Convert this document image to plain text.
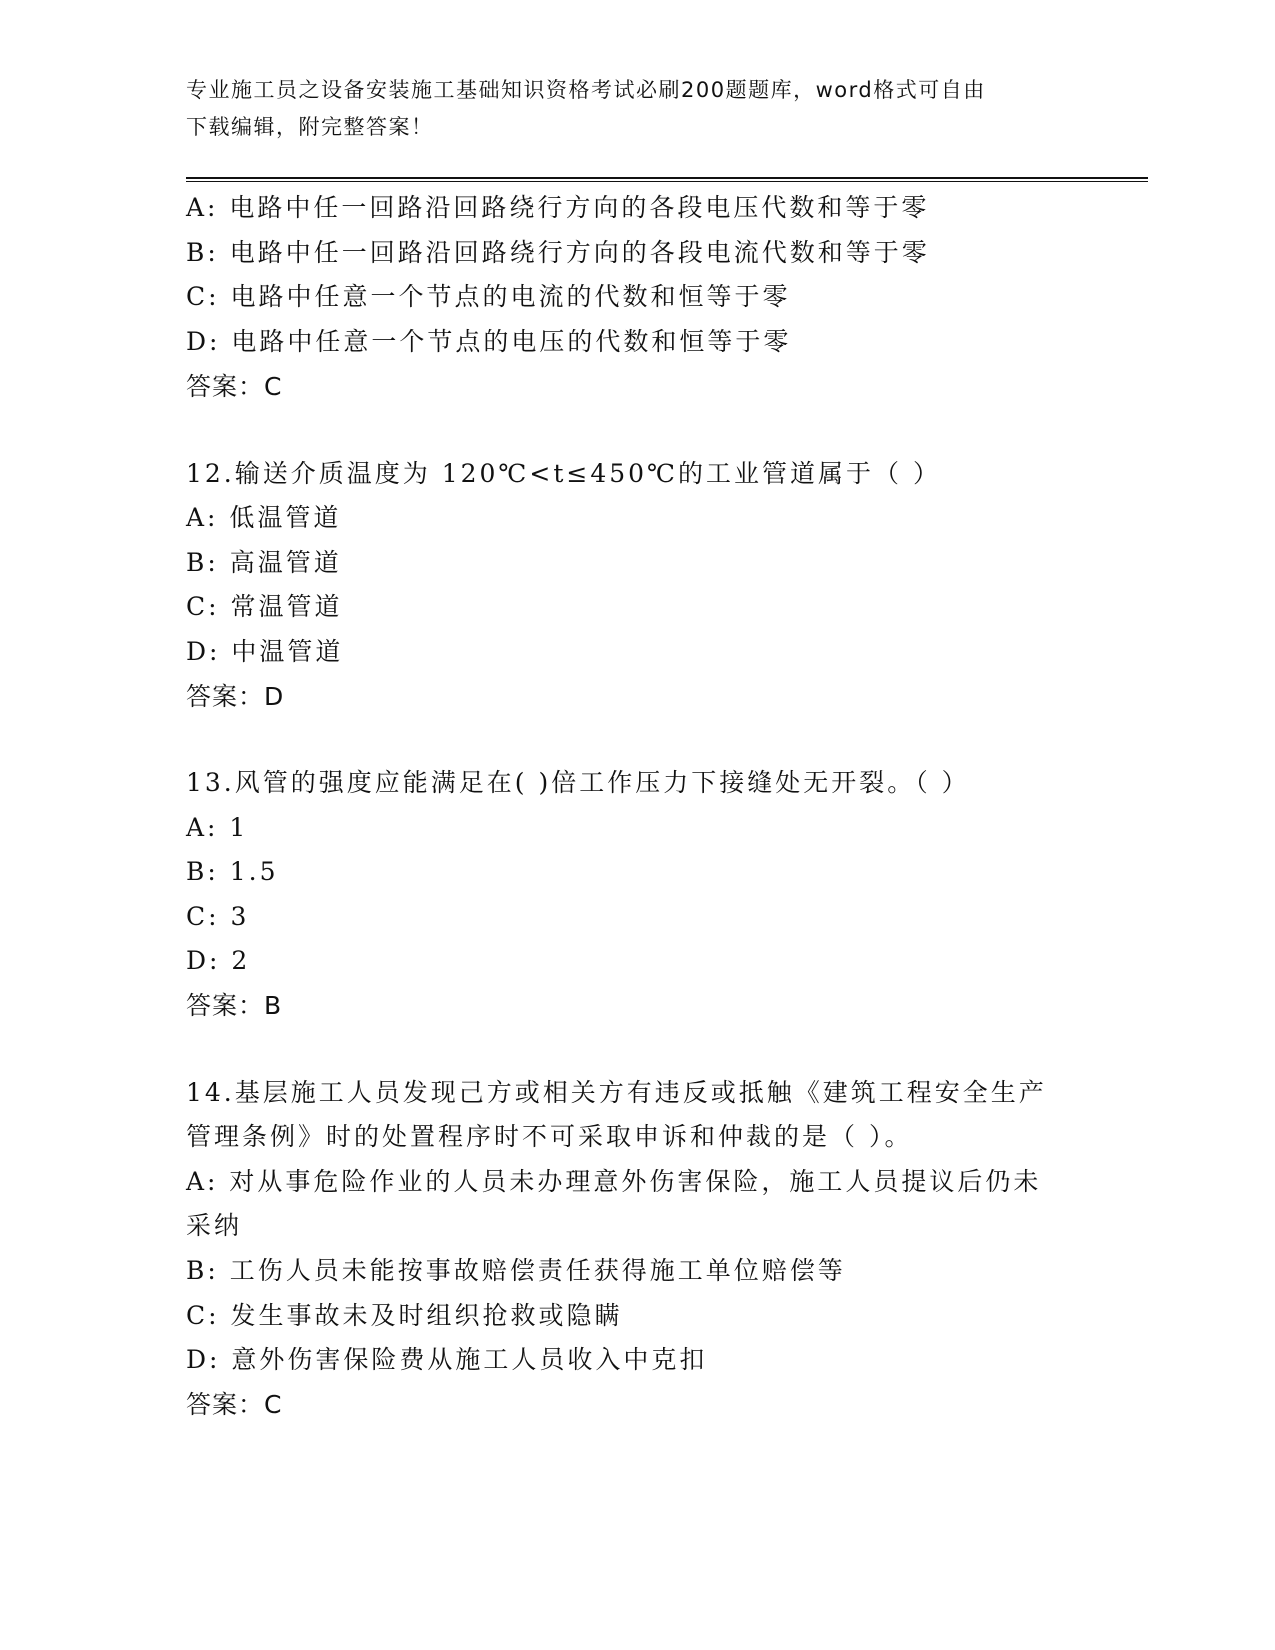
专业施工员之设备安装施工基础知识资格考试必刷200题题库，word格式可自由
下载编辑，附完整答案！
A: 电路中任一回路沿回路绕行方向的各段电压代数和等于零
B: 电路中任一回路沿回路绕行方向的各段电流代数和等于零
C: 电路中任意一个节点的电流的代数和恒等于零
D: 电路中任意一个节点的电压的代数和恒等于零
答案：C
12.输送介质温度为 120℃<t≤450℃的工业管道属于（ ）
A: 低温管道
B: 高温管道
C: 常温管道
D: 中温管道
答案：D
13.风管的强度应能满足在( )倍工作压力下接缝处无开裂。（ ）
A: 1
B: 1.5
C: 3
D: 2
答案：B
14.基层施工人员发现己方或相关方有违反或抵触《建筑工程安全生产
管理条例》时的处置程序时不可采取申诉和仲裁的是（ ）。
A: 对从事危险作业的人员未办理意外伤害保险，施工人员提议后仍未
采纳
B: 工伤人员未能按事故赔偿责任获得施工单位赔偿等
C: 发生事故未及时组织抢救或隐瞒
D: 意外伤害保险费从施工人员收入中克扣
答案：C
